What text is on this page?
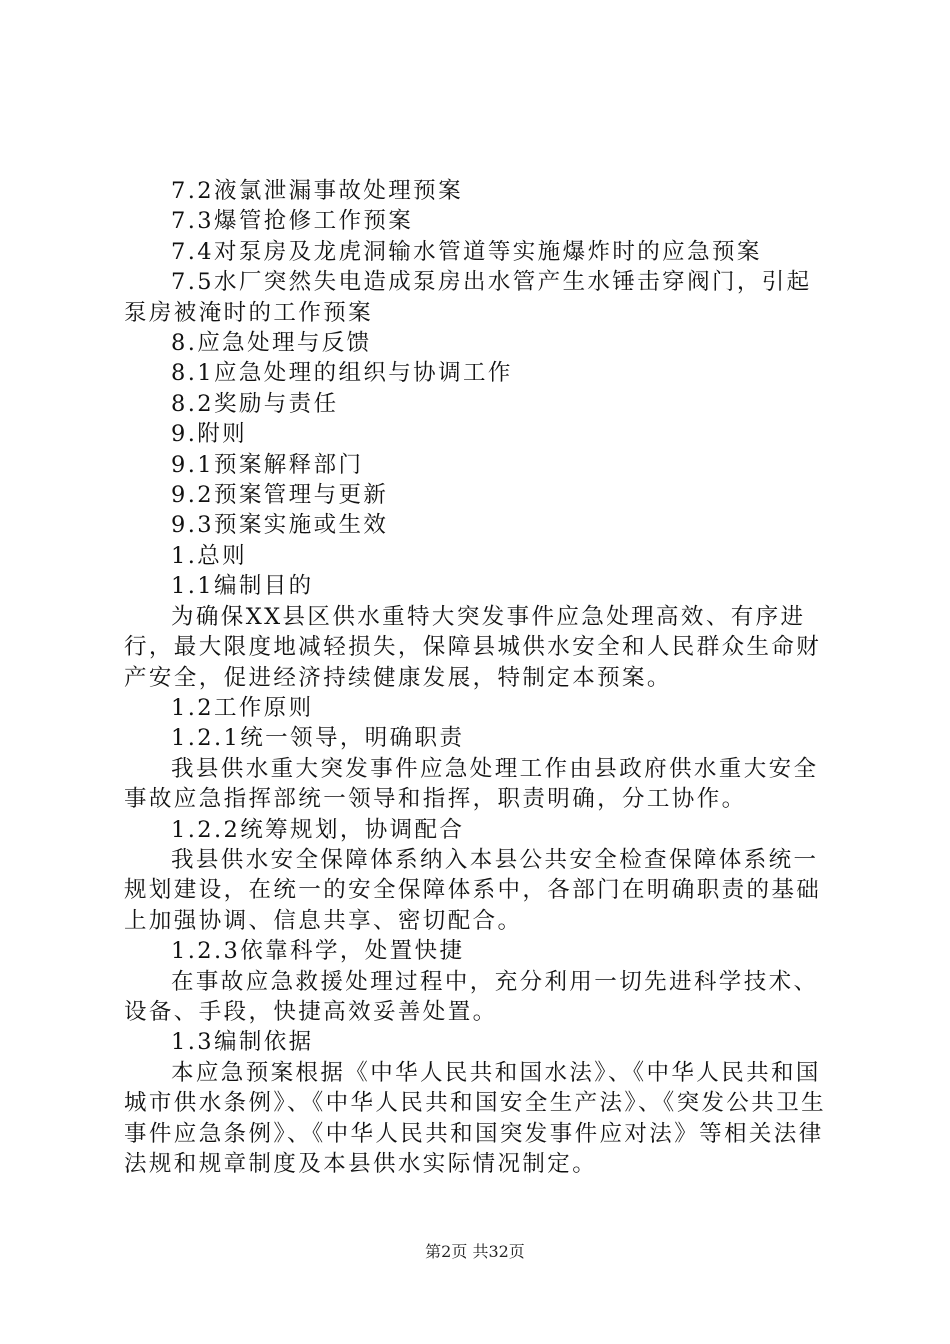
7.2液氯泄漏事故处理预案

7.3爆管抢修工作预案

7.4对泵房及龙虎洞输水管道等实施爆炸时的应急预案

7.5水厂突然失电造成泵房出水管产生水锤击穿阀门，引起泵房被淹时的工作预案

8.应急处理与反馈

8.1应急处理的组织与协调工作

8.2奖励与责任

9.附则

9.1预案解释部门

9.2预案管理与更新

9.3预案实施或生效

1.总则

1.1编制目的

为确保XX县区供水重特大突发事件应急处理高效、有序进行，最大限度地减轻损失，保障县城供水安全和人民群众生命财产安全，促进经济持续健康发展，特制定本预案。

1.2工作原则

1.2.1统一领导，明确职责

我县供水重大突发事件应急处理工作由县政府供水重大安全事故应急指挥部统一领导和指挥，职责明确，分工协作。

1.2.2统筹规划，协调配合

我县供水安全保障体系纳入本县公共安全检查保障体系统一规划建设，在统一的安全保障体系中，各部门在明确职责的基础上加强协调、信息共享、密切配合。

1.2.3依靠科学，处置快捷

在事故应急救援处理过程中，充分利用一切先进科学技术、设备、手段，快捷高效妥善处置。

1.3编制依据

本应急预案根据《中华人民共和国水法》、《中华人民共和国城市供水条例》、《中华人民共和国安全生产法》、《突发公共卫生事件应急条例》、《中华人民共和国突发事件应对法》等相关法律法规和规章制度及本县供水实际情况制定。

第2页 共32页
